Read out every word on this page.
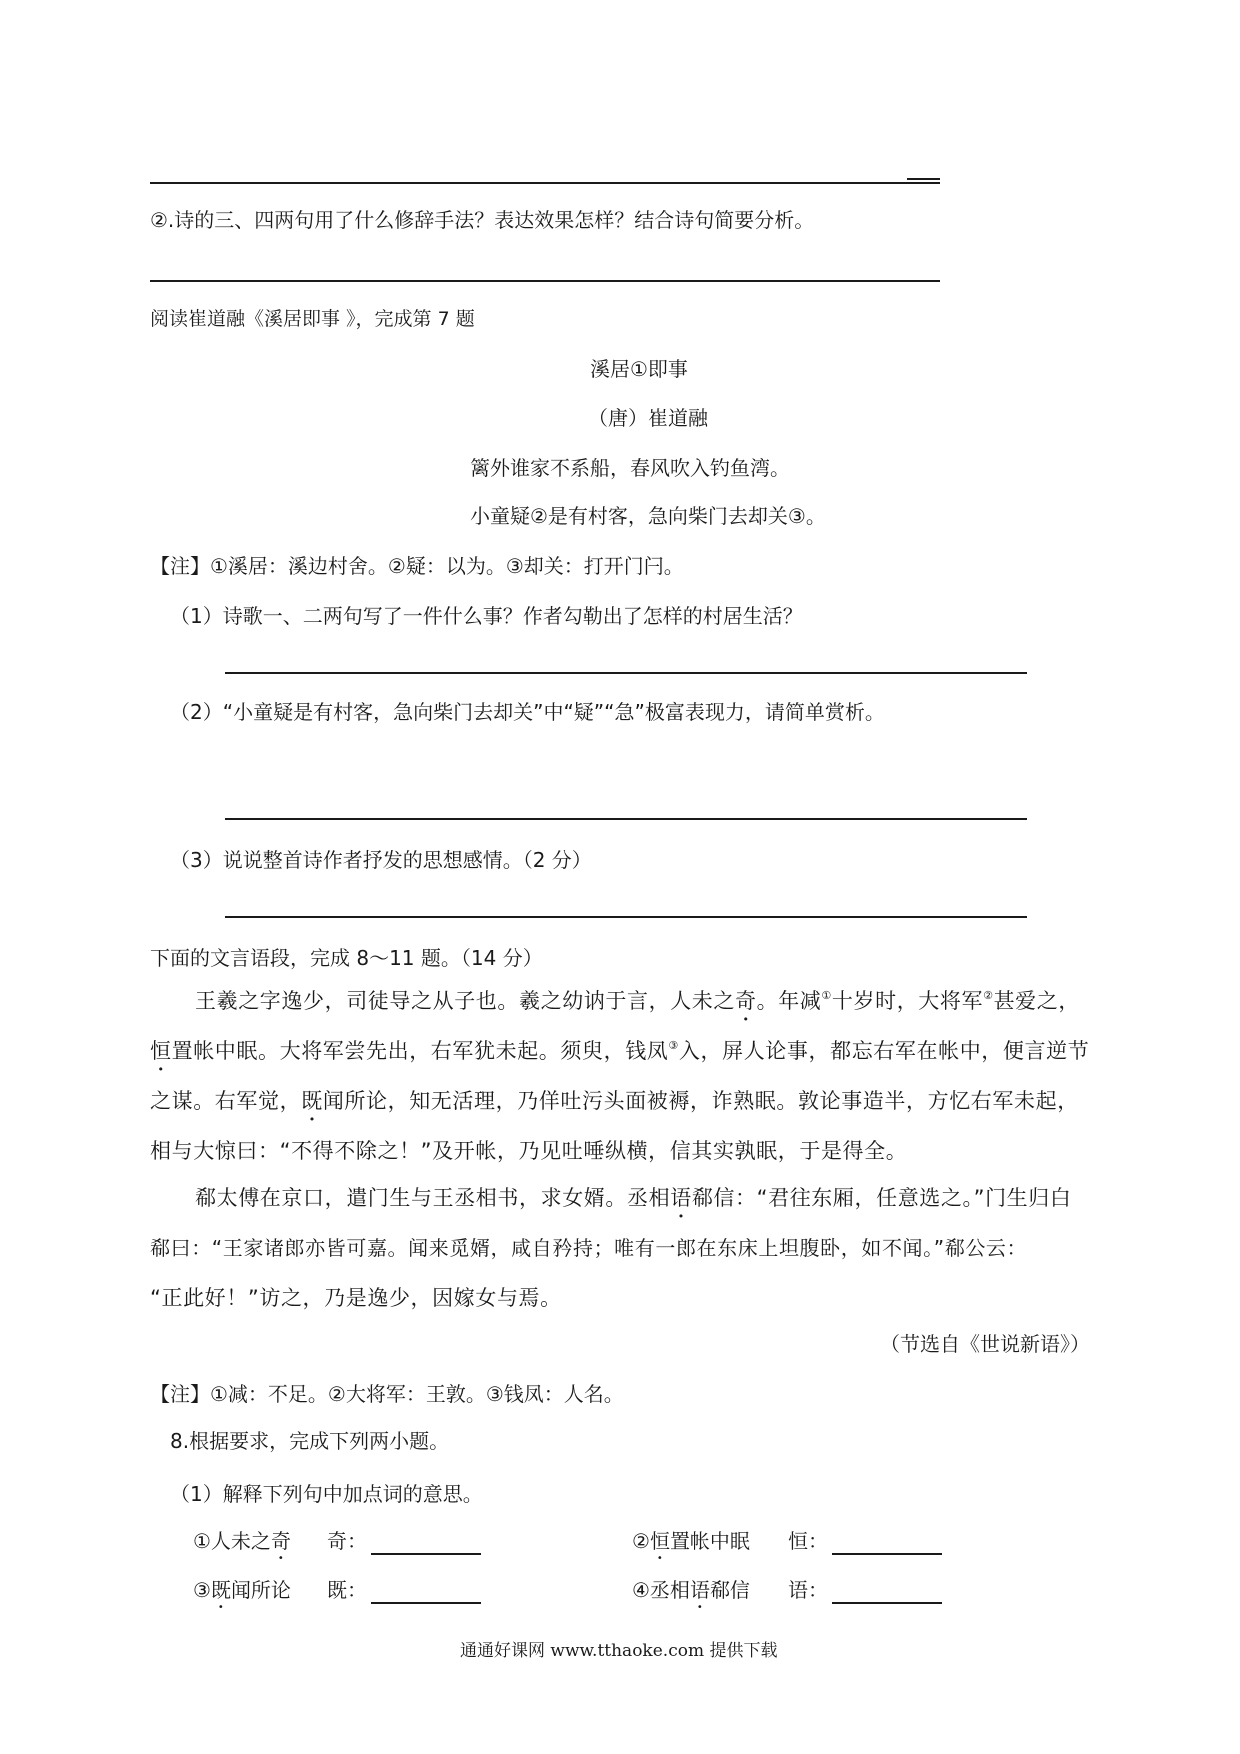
②.诗的三、四两句用了什么修辞手法？表达效果怎样？结合诗句简要分析。
阅读崔道融《溪居即事 》，完成第 7 题
溪居①即事
（唐）崔道融
篱外谁家不系船，春风吹入钓鱼湾。
小童疑②是有村客，急向柴门去却关③。
【注】①溪居：溪边村舍。②疑：以为。③却关：打开门闩。
（1）诗歌一、二两句写了一件什么事？作者勾勒出了怎样的村居生活？
（2）“小童疑是有村客，急向柴门去却关”中“疑”“急”极富表现力，请简单赏析。
（3）说说整首诗作者抒发的思想感情。（2 分）
下面的文言语段，完成 8～11 题。（14 分）
王羲之字逸少，司徒导之从子也。羲之幼讷于言，人未之奇。年减①十岁时，大将军②甚爱之，
恒置帐中眠。大将军尝先出，右军犹未起。须臾，钱凤③入，屏人论事，都忘右军在帐中，便言逆节
之谋。右军觉，既闻所论，知无活理，乃佯吐污头面被褥，诈熟眠。敦论事造半，方忆右军未起，
相与大惊曰：“不得不除之！”及开帐，乃见吐唾纵横，信其实孰眠，于是得全。
郗太傅在京口，遣门生与王丞相书，求女婿。丞相语郗信：“君往东厢，任意选之。”门生归白
郗曰：“王家诸郎亦皆可嘉。闻来觅婿，咸自矜持；唯有一郎在东床上坦腹卧，如不闻。”郗公云：
“正此好！”访之，乃是逸少，因嫁女与焉。
（节选自《世说新语》）
【注】①减：不足。②大将军：王敦。③钱凤：人名。
8.根据要求，完成下列两小题。
（1）解释下列句中加点词的意思。
①人未之奇 奇：	②恒置帐中眠 恒：
③既闻所论 既：	④丞相语郗信 语：
通通好课网 www.tthaoke.com 提供下载
